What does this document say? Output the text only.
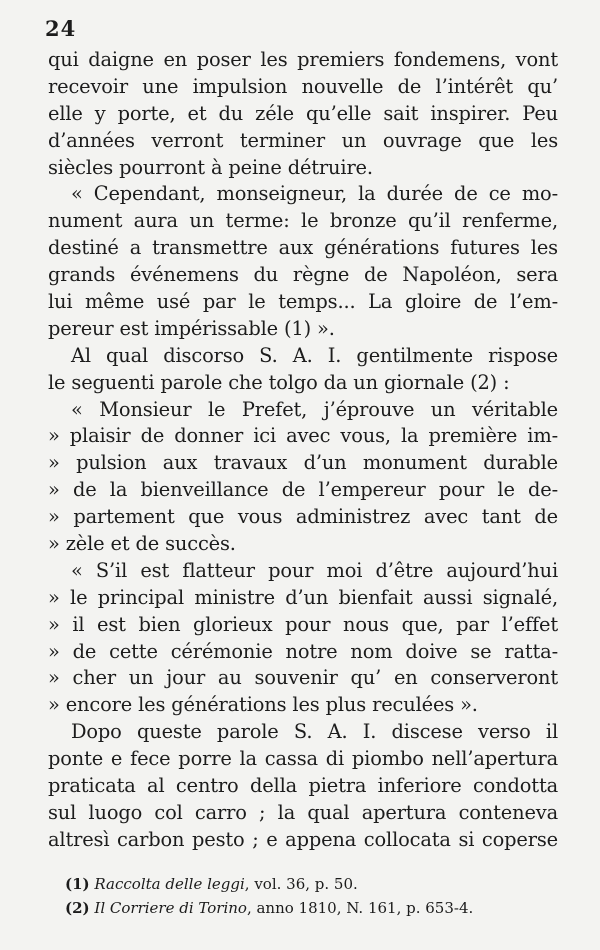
24
qui daigne en poser les premiers fondemens, vont
recevoir une impulsion nouvelle de l’intérêt qu’
elle y porte, et du zéle qu’elle sait inspirer. Peu
d’années verront terminer un ouvrage que les
siècles pourront à peine détruire.
« Cependant, monseigneur, la durée de ce mo-
nument aura un terme: le bronze qu’il renferme,
destiné a transmettre aux générations futures les
grands événemens du règne de Napoléon, sera
lui même usé par le temps... La gloire de l’em-
pereur est impérissable (1) ».
Al qual discorso S. A. I. gentilmente rispose
le seguenti parole che tolgo da un giornale (2) :
« Monsieur le Prefet, j’éprouve un véritable
» plaisir de donner ici avec vous, la première im-
» pulsion aux travaux d’un monument durable
» de la bienveillance de l’empereur pour le de-
» partement que vous administrez avec tant de
» zèle et de succès.
« S’il est flatteur pour moi d’être aujourd’hui
» le principal ministre d’un bienfait aussi signalé,
» il est bien glorieux pour nous que, par l’effet
» de cette cérémonie notre nom doive se ratta-
» cher un jour au souvenir qu’ en conserveront
» encore les générations les plus reculées ».
Dopo queste parole S. A. I. discese verso il
ponte e fece porre la cassa di piombo nell’apertura
praticata al centro della pietra inferiore condotta
sul luogo col carro ; la qual apertura conteneva
altresì carbon pesto ; e appena collocata si coperse
(1) Raccolta delle leggi, vol. 36, p. 50.
(2) Il Corriere di Torino, anno 1810, N. 161, p. 653-4.
